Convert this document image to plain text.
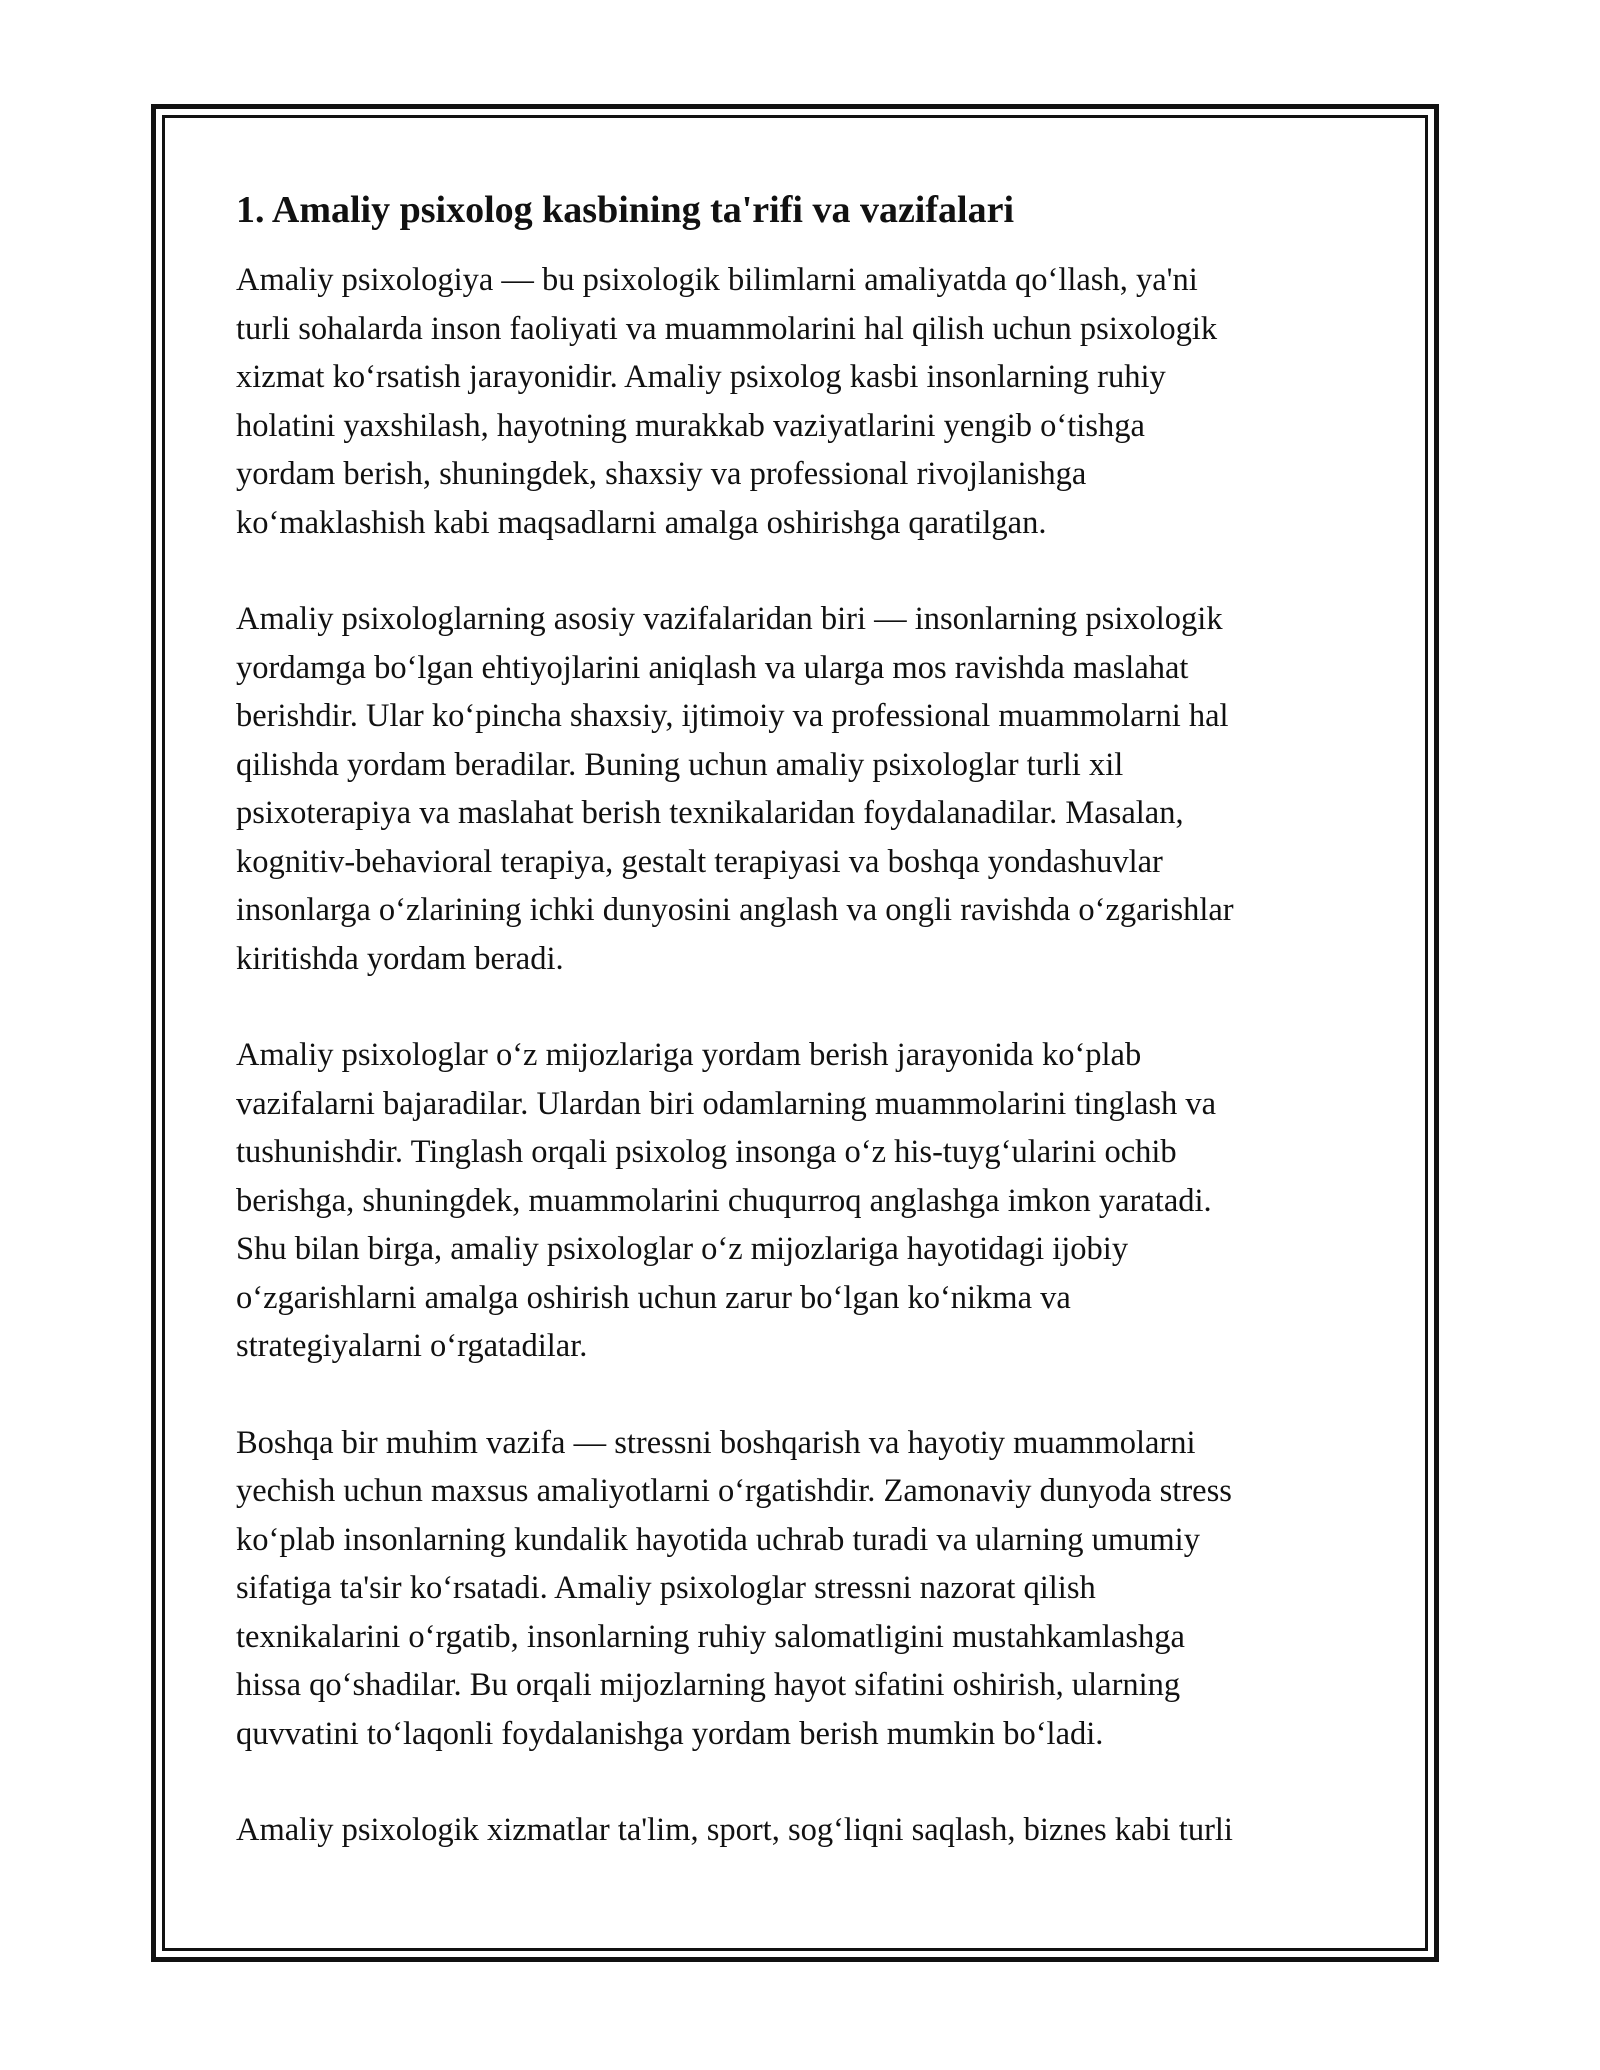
1. Amaliy psixolog kasbining ta'rifi va vazifalari
Amaliy psixologiya — bu psixologik bilimlarni amaliyatda qo‘llash, ya'ni
turli sohalarda inson faoliyati va muammolarini hal qilish uchun psixologik
xizmat ko‘rsatish jarayonidir. Amaliy psixolog kasbi insonlarning ruhiy
holatini yaxshilash, hayotning murakkab vaziyatlarini yengib o‘tishga
yordam berish, shuningdek, shaxsiy va professional rivojlanishga
ko‘maklashish kabi maqsadlarni amalga oshirishga qaratilgan.
Amaliy psixologlarning asosiy vazifalaridan biri — insonlarning psixologik
yordamga bo‘lgan ehtiyojlarini aniqlash va ularga mos ravishda maslahat
berishdir. Ular ko‘pincha shaxsiy, ijtimoiy va professional muammolarni hal
qilishda yordam beradilar. Buning uchun amaliy psixologlar turli xil
psixoterapiya va maslahat berish texnikalaridan foydalanadilar. Masalan,
kognitiv-behavioral terapiya, gestalt terapiyasi va boshqa yondashuvlar
insonlarga o‘zlarining ichki dunyosini anglash va ongli ravishda o‘zgarishlar
kiritishda yordam beradi.
Amaliy psixologlar o‘z mijozlariga yordam berish jarayonida ko‘plab
vazifalarni bajaradilar. Ulardan biri odamlarning muammolarini tinglash va
tushunishdir. Tinglash orqali psixolog insonga o‘z his-tuyg‘ularini ochib
berishga, shuningdek, muammolarini chuqurroq anglashga imkon yaratadi.
Shu bilan birga, amaliy psixologlar o‘z mijozlariga hayotidagi ijobiy
o‘zgarishlarni amalga oshirish uchun zarur bo‘lgan ko‘nikma va
strategiyalarni o‘rgatadilar.
Boshqa bir muhim vazifa — stressni boshqarish va hayotiy muammolarni
yechish uchun maxsus amaliyotlarni o‘rgatishdir. Zamonaviy dunyoda stress
ko‘plab insonlarning kundalik hayotida uchrab turadi va ularning umumiy
sifatiga ta'sir ko‘rsatadi. Amaliy psixologlar stressni nazorat qilish
texnikalarini o‘rgatib, insonlarning ruhiy salomatligini mustahkamlashga
hissa qo‘shadilar. Bu orqali mijozlarning hayot sifatini oshirish, ularning
quvvatini to‘laqonli foydalanishga yordam berish mumkin bo‘ladi.
Amaliy psixologik xizmatlar ta'lim, sport, sog‘liqni saqlash, biznes kabi turli
